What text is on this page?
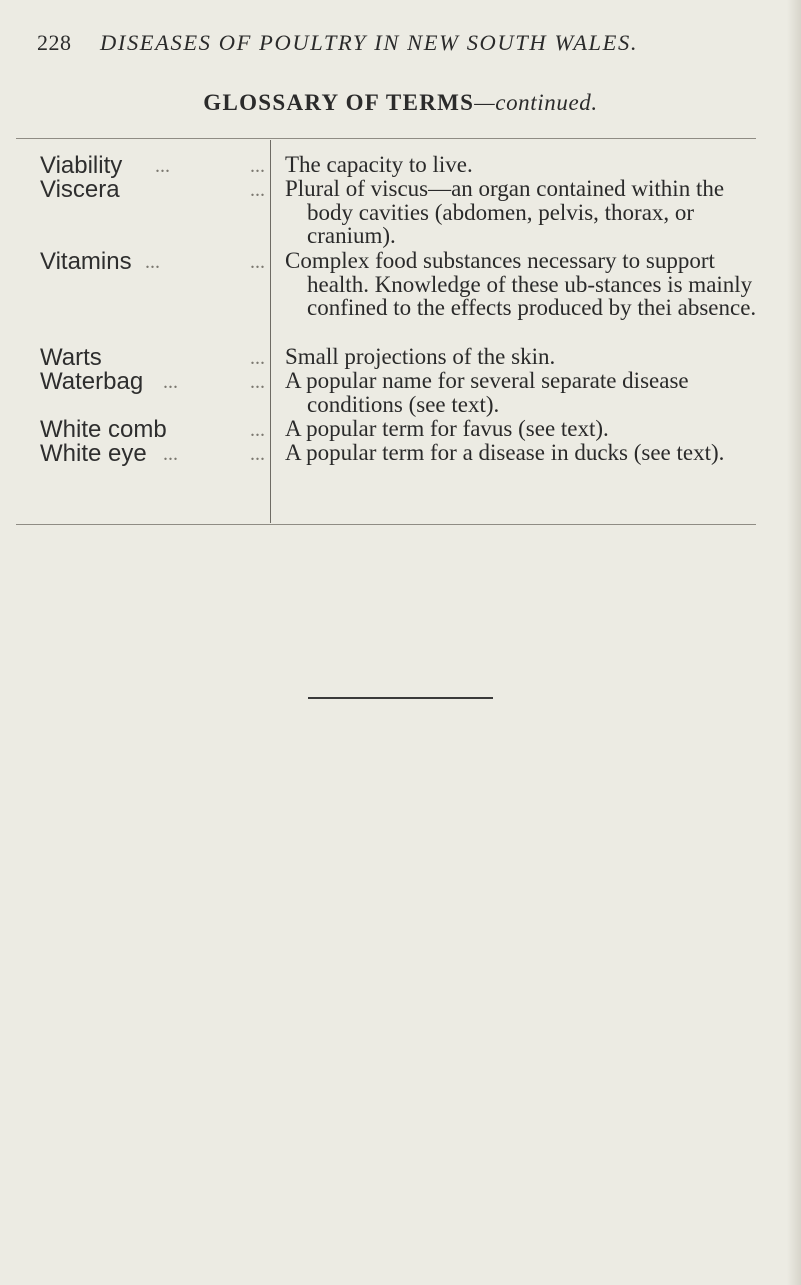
228 DISEASES OF POULTRY IN NEW SOUTH WALES.
GLOSSARY OF TERMS—continued.
Viability	...	... The capacity to live.
Viscera	... Plural of viscus—an organ contained within the body cavities (abdomen, pelvis, thorax, or cranium).
Vitamins ...	... Complex food substances necessary to support health. Knowledge of these ub-stances is mainly confined to the effects produced by thei absence.
Warts	... Small projections of the skin.
Waterbag ...	... A popular name for several separate disease conditions (see text).
White comb	... A popular term for favus (see text).
White eye ...	... A popular term for a disease in ducks (see text).
